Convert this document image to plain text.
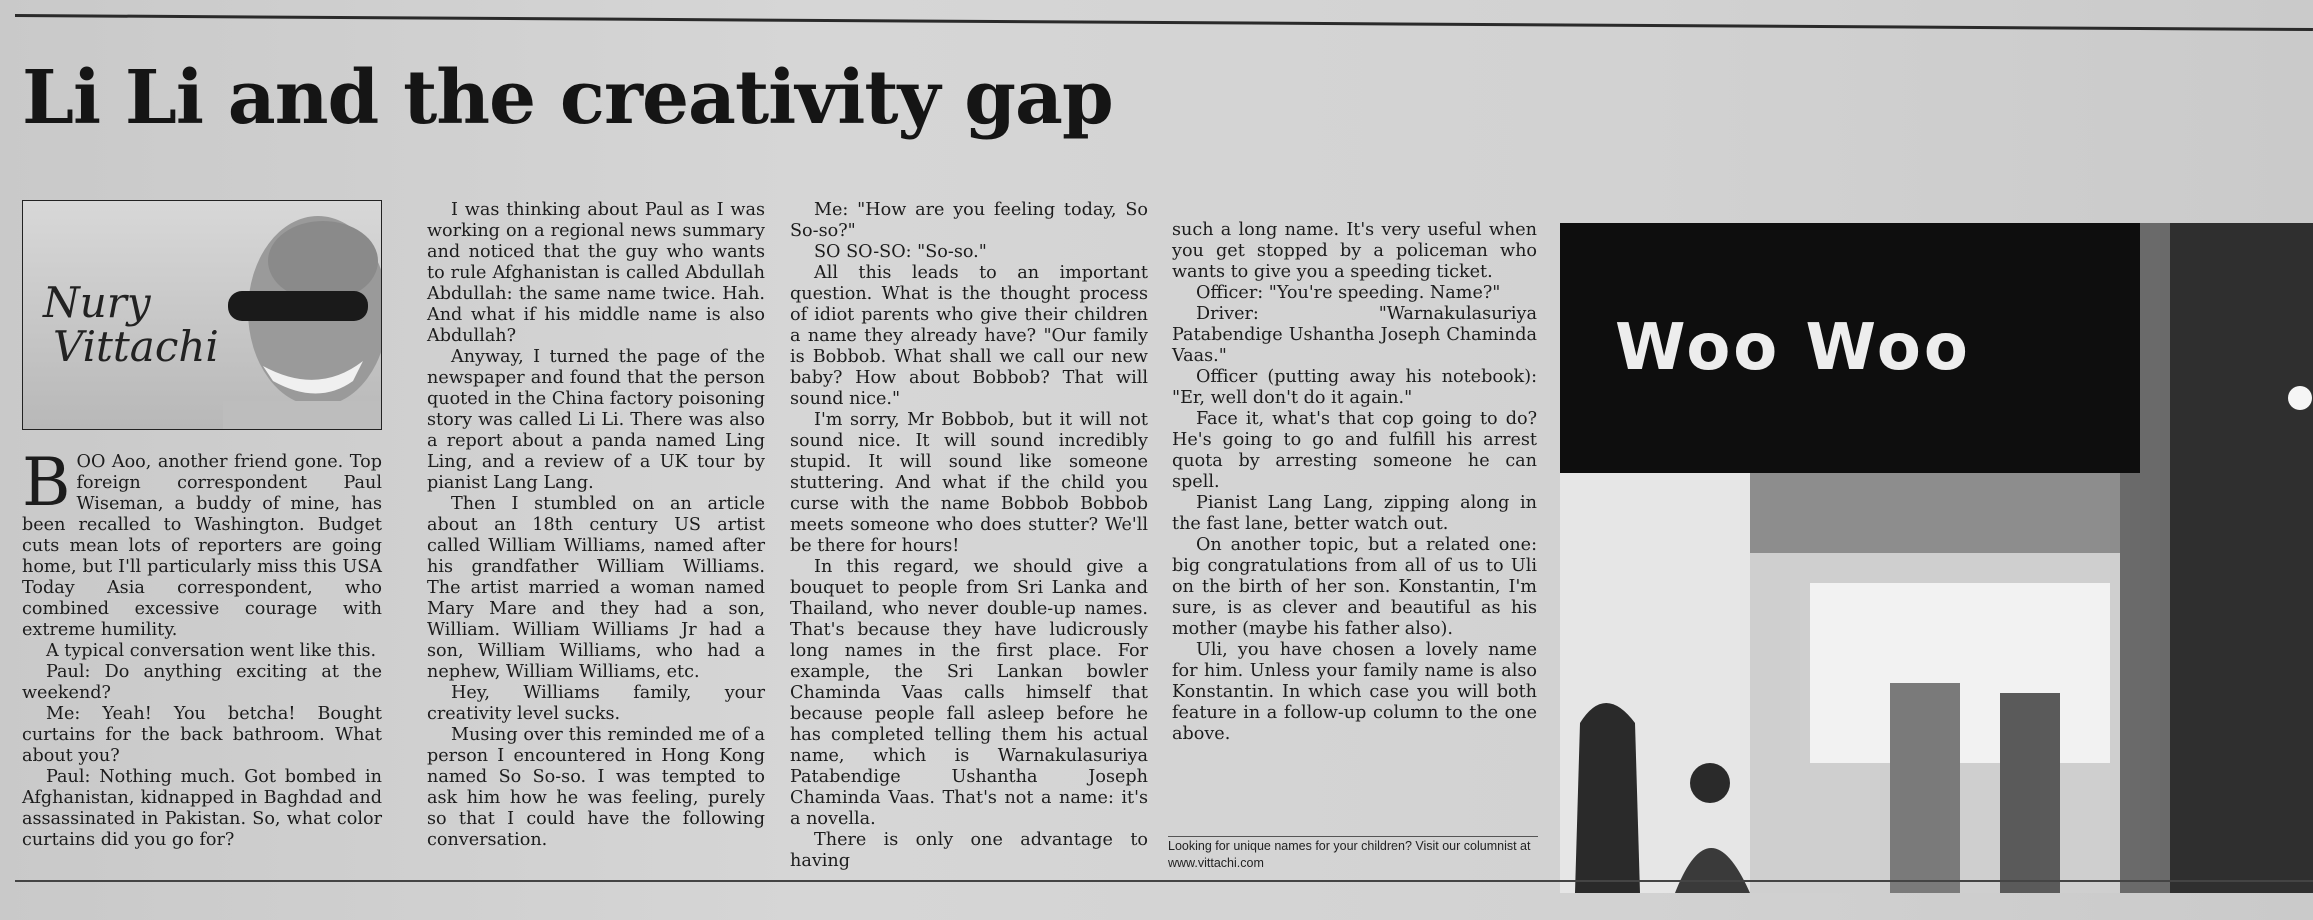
Li Li and the creativity gap
Nury
Vittachi

BOO Aoo, another friend gone. Top foreign correspondent Paul Wiseman, a buddy of mine, has been recalled to Washington. Budget cuts mean lots of reporters are going home, but I'll particularly miss this USA Today Asia correspondent, who combined excessive courage with extreme humility.

A typical conversation went like this.

Paul: Do anything exciting at the weekend?

Me: Yeah! You betcha! Bought curtains for the back bathroom. What about you?

Paul: Nothing much. Got bombed in Afghanistan, kidnapped in Baghdad and assassinated in Pakistan. So, what color curtains did you go for?

I was thinking about Paul as I was working on a regional news summary and noticed that the guy who wants to rule Afghanistan is called Abdullah Abdullah: the same name twice. Hah. And what if his middle name is also Abdullah?

Anyway, I turned the page of the newspaper and found that the person quoted in the China factory poisoning story was called Li Li. There was also a report about a panda named Ling Ling, and a review of a UK tour by pianist Lang Lang.

Then I stumbled on an article about an 18th century US artist called William Williams, named after his grandfather William Williams. The artist married a woman named Mary Mare and they had a son, William. William Williams Jr had a son, William Williams, who had a nephew, William Williams, etc.

Hey, Williams family, your creativity level sucks.

Musing over this reminded me of a person I encountered in Hong Kong named So So-so. I was tempted to ask him how he was feeling, purely so that I could have the following conversation.

Me: "How are you feeling today, So So-so?"

SO SO-SO: "So-so."

All this leads to an important question. What is the thought process of idiot parents who give their children a name they already have? "Our family is Bobbob. What shall we call our new baby? How about Bobbob? That will sound nice."

I'm sorry, Mr Bobbob, but it will not sound nice. It will sound incredibly stupid. It will sound like someone stuttering. And what if the child you curse with the name Bobbob Bobbob meets someone who does stutter? We'll be there for hours!

In this regard, we should give a bouquet to people from Sri Lanka and Thailand, who never double-up names. That's because they have ludicrously long names in the first place. For example, the Sri Lankan bowler Chaminda Vaas calls himself that because people fall asleep before he has completed telling them his actual name, which is Warnakulasuriya Patabendige Ushantha Joseph Chaminda Vaas. That's not a name: it's a novella.

There is only one advantage to having

such a long name. It's very useful when you get stopped by a policeman who wants to give you a speeding ticket.

Officer: "You're speeding. Name?"

Driver: "Warnakulasuriya Patabendige Ushantha Joseph Chaminda Vaas."

Officer (putting away his notebook): "Er, well don't do it again."

Face it, what's that cop going to do? He's going to go and fulfill his arrest quota by arresting someone he can spell.

Pianist Lang Lang, zipping along in the fast lane, better watch out.

On another topic, but a related one: big congratulations from all of us to Uli on the birth of her son. Konstantin, I'm sure, is as clever and beautiful as his mother (maybe his father also).

Uli, you have chosen a lovely name for him. Unless your family name is also Konstantin. In which case you will both feature in a follow-up column to the one above.

Looking for unique names for your children? Visit our columnist at www.vittachi.com
Woo Woo
